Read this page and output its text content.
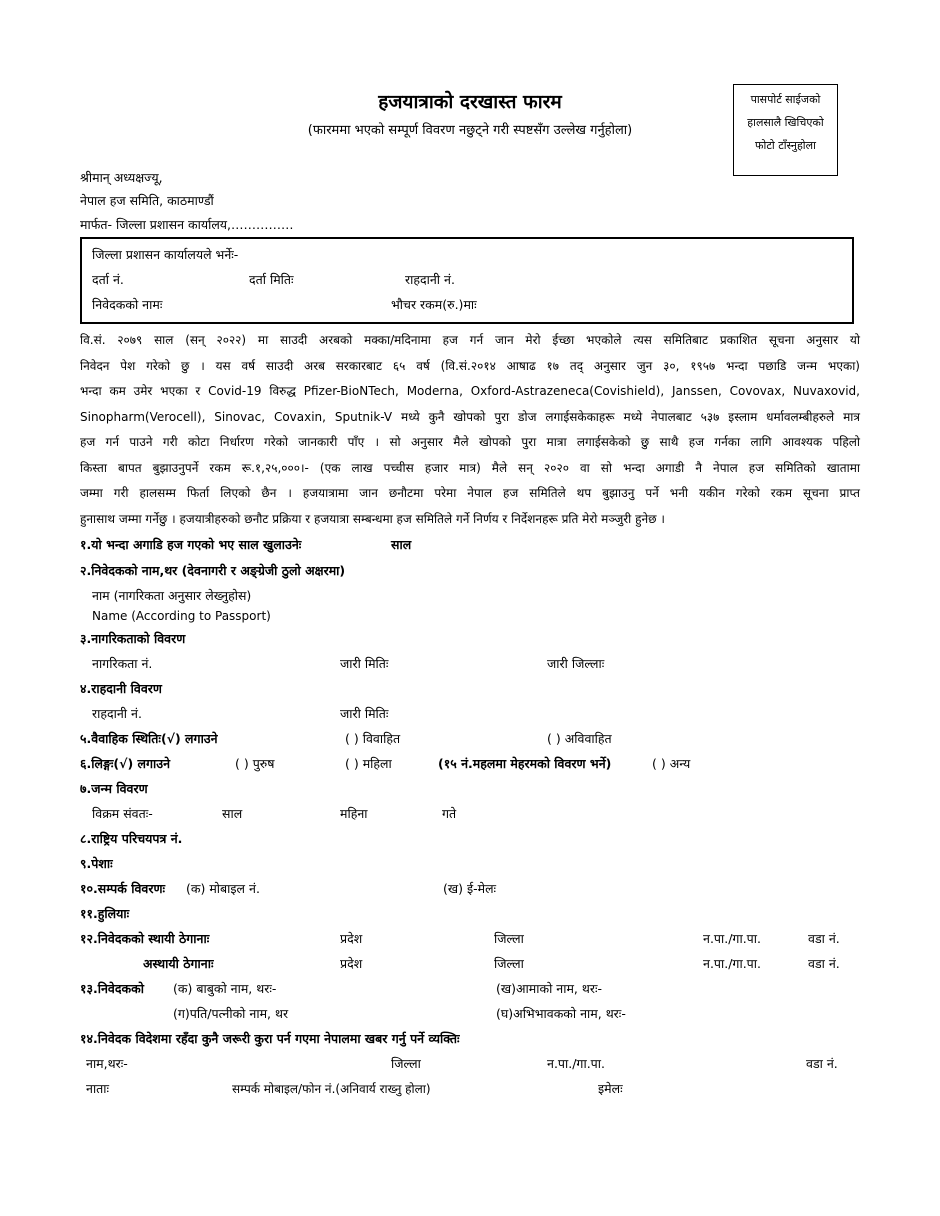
हजयात्राको दरखास्त फारम
(फारममा भएको सम्पूर्ण विवरण नछुट्ने गरी स्पष्टसँग उल्लेख गर्नुहोला)
पासपोर्ट साईजको
हालसालै खिचिएको
फोटो टाँस्नुहोला
श्रीमान् अध्यक्षज्यू,
नेपाल हज समिति, काठमाण्डौं
मार्फत- जिल्ला प्रशासन कार्यालय,……………
जिल्ला प्रशासन कार्यालयले भर्नेः-
दर्ता नं.	दर्ता मितिः	राहदानी नं.
निवेदकको नामः	भौचर रकम(रु.)माः
वि.सं. २०७९ साल (सन् २०२२) मा साउदी अरबको मक्का/मदिनामा हज गर्न जान मेरो ईच्छा भएकोले त्यस समितिबाट प्रकाशित सूचना अनुसार यो
निवेदन पेश गरेको छु । यस वर्ष साउदी अरब सरकारबाट ६५ वर्ष (वि.सं.२०१४ आषाढ १७ तद् अनुसार जुन ३०, १९५७ भन्दा पछाडि जन्म भएका)
भन्दा कम उमेर भएका र Covid-19 विरुद्ध Pfizer-BioNTech, Moderna, Oxford-Astrazeneca(Covishield), Janssen, Covovax, Nuvaxovid,
Sinopharm(Verocell), Sinovac, Covaxin, Sputnik-V मध्ये कुनै खोपको पुरा डोज लगाईसकेकाहरू मध्ये नेपालबाट ५३७ इस्लाम धर्मावलम्बीहरुले मात्र
हज गर्न पाउने गरी कोटा निर्धारण गरेको जानकारी पाँए । सो अनुसार मैले खोपको पुरा मात्रा लगाईसकेको छु साथै हज गर्नका लागि आवश्यक पहिलो
किस्ता बापत बुझाउनुपर्ने रकम रू.१,२५,०००।- (एक लाख पच्चीस हजार मात्र) मैले सन् २०२० वा सो भन्दा अगाडी नै नेपाल हज समितिको खातामा
जम्मा गरी हालसम्म फिर्ता लिएको छैन । हजयात्रामा जान छनौटमा परेमा नेपाल हज समितिले थप बुझाउनु पर्ने भनी यकीन गरेको रकम सूचना प्राप्त
हुनासाथ जम्मा गर्नेछु । हजयात्रीहरुको छनौट प्रक्रिया र हजयात्रा सम्बन्धमा हज समितिले गर्ने निर्णय र निर्देशनहरू प्रति मेरो मञ्जुरी हुनेछ ।
१.यो भन्दा अगाडि हज गएको भए साल खुलाउनेः	साल
२.निवेदकको नाम,थर (देवनागरी र अङ्ग्रेजी ठुलो अक्षरमा)
नाम (नागरिकता अनुसार लेख्नुहोस)
Name (According to Passport)
३.नागरिकताको विवरण
नागरिकता नं.	जारी मितिः	जारी जिल्लाः
४.राहदानी विवरण
राहदानी नं.	जारी मितिः
५.वैवाहिक स्थितिः(√) लगाउने	( ) विवाहित	( ) अविवाहित
६.लिङ्गः(√) लगाउने	( ) पुरुष	( ) महिला	(१५ नं.महलमा मेहरमको विवरण भर्ने)	( ) अन्य
७.जन्म विवरण
विक्रम संवतः-	साल	महिना	गते
८.राष्ट्रिय परिचयपत्र नं.
९.पेशाः
१०.सम्पर्क विवरणः (क) मोबाइल नं.	(ख) ई-मेलः
११.हुलियाः
१२.निवेदकको स्थायी ठेगानाः	प्रदेश	जिल्ला	न.पा./गा.पा.	वडा नं.
अस्थायी ठेगानाः	प्रदेश	जिल्ला	न.पा./गा.पा.	वडा नं.
१३.निवेदकको (क) बाबुको नाम, थरः-	(ख)आमाको नाम, थरः-
(ग)पति/पत्नीको नाम, थर	(घ)अभिभावकको नाम, थरः-
१४.निवेदक विदेशमा रहँदा कुनै जरूरी कुरा पर्न गएमा नेपालमा खबर गर्नु पर्ने व्यक्तिः
नाम,थरः-	जिल्ला	न.पा./गा.पा.	वडा नं.
नाताः	सम्पर्क मोबाइल/फोन नं.(अनिवार्य राख्नु होला)	इमेलः
